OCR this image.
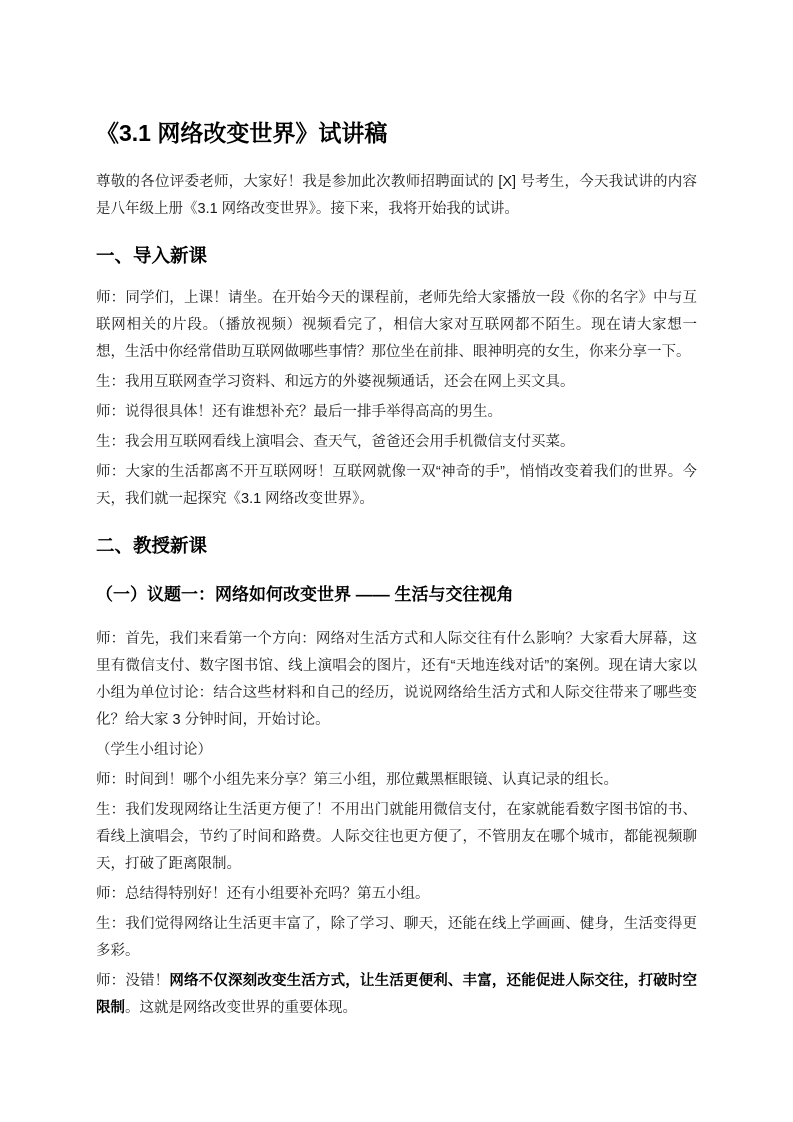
《3.1 网络改变世界》试讲稿

尊敬的各位评委老师，大家好！我是参加此次教师招聘面试的 [X] 号考生，今天我试讲的内容是八年级上册《3.1 网络改变世界》。接下来，我将开始我的试讲。

一、导入新课

师：同学们，上课！请坐。在开始今天的课程前，老师先给大家播放一段《你的名字》中与互联网相关的片段。（播放视频）视频看完了，相信大家对互联网都不陌生。现在请大家想一想，生活中你经常借助互联网做哪些事情？那位坐在前排、眼神明亮的女生，你来分享一下。

生：我用互联网查学习资料、和远方的外婆视频通话，还会在网上买文具。

师：说得很具体！还有谁想补充？最后一排手举得高高的男生。

生：我会用互联网看线上演唱会、查天气，爸爸还会用手机微信支付买菜。

师：大家的生活都离不开互联网呀！互联网就像一双“神奇的手”，悄悄改变着我们的世界。今天，我们就一起探究《3.1 网络改变世界》。

二、教授新课
（一）议题一：网络如何改变世界 —— 生活与交往视角

师：首先，我们来看第一个方向：网络对生活方式和人际交往有什么影响？大家看大屏幕，这里有微信支付、数字图书馆、线上演唱会的图片，还有“天地连线对话”的案例。现在请大家以小组为单位讨论：结合这些材料和自己的经历，说说网络给生活方式和人际交往带来了哪些变化？给大家 3 分钟时间，开始讨论。

（学生小组讨论）

师：时间到！哪个小组先来分享？第三小组，那位戴黑框眼镜、认真记录的组长。

生：我们发现网络让生活更方便了！不用出门就能用微信支付，在家就能看数字图书馆的书、看线上演唱会，节约了时间和路费。人际交往也更方便了，不管朋友在哪个城市，都能视频聊天，打破了距离限制。

师：总结得特别好！还有小组要补充吗？第五小组。

生：我们觉得网络让生活更丰富了，除了学习、聊天，还能在线上学画画、健身，生活变得更多彩。

师：没错！网络不仅深刻改变生活方式，让生活更便利、丰富，还能促进人际交往，打破时空限制。这就是网络改变世界的重要体现。
